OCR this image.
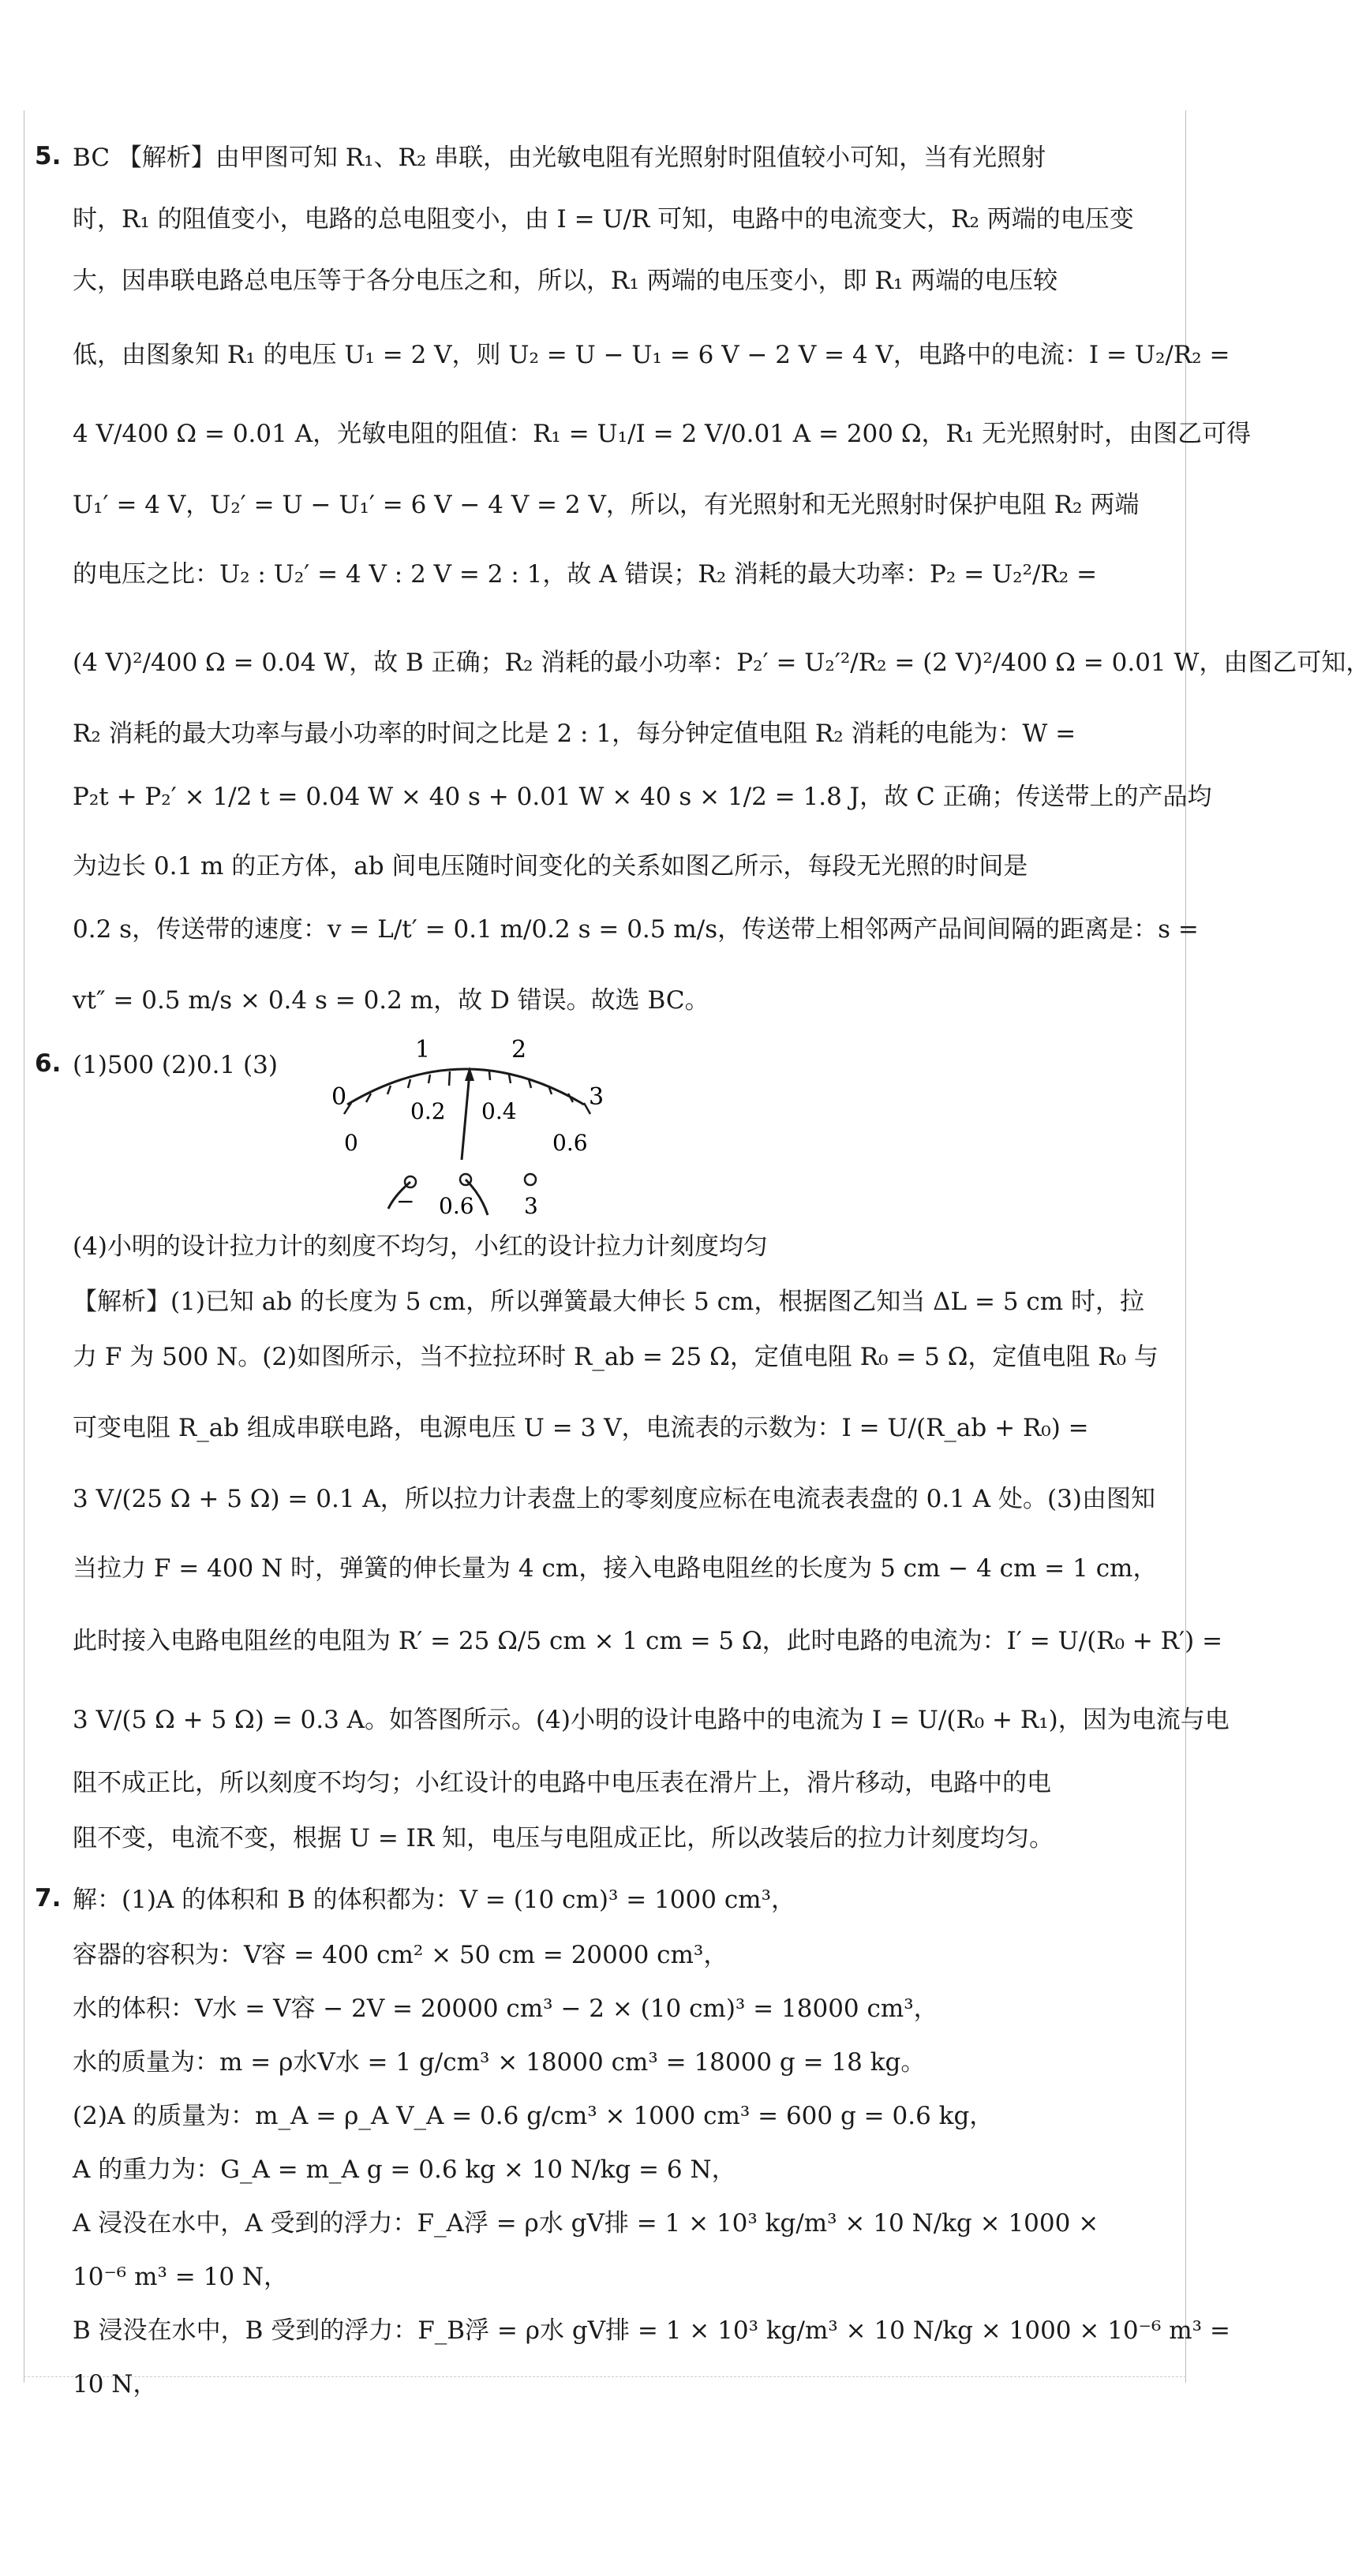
5. BC 【解析】由甲图可知 R₁、R₂ 串联，由光敏电阻有光照射时阻值较小可知，当有光照射
时，R₁ 的阻值变小，电路的总电阻变小，由 I = U/R 可知，电路中的电流变大，R₂ 两端的电压变
大，因串联电路总电压等于各分电压之和，所以，R₁ 两端的电压变小，即 R₁ 两端的电压较
低，由图象知 R₁ 的电压 U₁ = 2 V，则 U₂ = U − U₁ = 6 V − 2 V = 4 V，电路中的电流：I = U₂/R₂ =
4 V/400 Ω = 0.01 A，光敏电阻的阻值：R₁ = U₁/I = 2 V/0.01 A = 200 Ω，R₁ 无光照射时，由图乙可得
U₁′ = 4 V，U₂′ = U − U₁′ = 6 V − 4 V = 2 V，所以，有光照射和无光照射时保护电阻 R₂ 两端
的电压之比：U₂ : U₂′ = 4 V : 2 V = 2 : 1，故 A 错误；R₂ 消耗的最大功率：P₂ = U₂²/R₂ =
(4 V)²/400 Ω = 0.04 W，故 B 正确；R₂ 消耗的最小功率：P₂′ = U₂′²/R₂ = (2 V)²/400 Ω = 0.01 W，由图乙可知，
R₂ 消耗的最大功率与最小功率的时间之比是 2 : 1，每分钟定值电阻 R₂ 消耗的电能为：W =
P₂t + P₂′ × 1/2 t = 0.04 W × 40 s + 0.01 W × 40 s × 1/2 = 1.8 J，故 C 正确；传送带上的产品均
为边长 0.1 m 的正方体，ab 间电压随时间变化的关系如图乙所示，每段无光照的时间是
0.2 s，传送带的速度：v = L/t′ = 0.1 m/0.2 s = 0.5 m/s，传送带上相邻两产品间间隔的距离是：s =
vt″ = 0.5 m/s × 0.4 s = 0.2 m，故 D 错误。故选 BC。
6. (1)500 (2)0.1 (3)
0
1	2
3
0
0.2 0.4
0.6
− 0.6 3
(4)小明的设计拉力计的刻度不均匀，小红的设计拉力计刻度均匀
【解析】(1)已知 ab 的长度为 5 cm，所以弹簧最大伸长 5 cm，根据图乙知当 ΔL = 5 cm 时，拉
力 F 为 500 N。(2)如图所示，当不拉拉环时 R_ab = 25 Ω，定值电阻 R₀ = 5 Ω，定值电阻 R₀ 与
可变电阻 R_ab 组成串联电路，电源电压 U = 3 V，电流表的示数为：I = U/(R_ab + R₀) =
3 V/(25 Ω + 5 Ω) = 0.1 A，所以拉力计表盘上的零刻度应标在电流表表盘的 0.1 A 处。(3)由图知
当拉力 F = 400 N 时，弹簧的伸长量为 4 cm，接入电路电阻丝的长度为 5 cm − 4 cm = 1 cm，
此时接入电路电阻丝的电阻为 R′ = 25 Ω/5 cm × 1 cm = 5 Ω，此时电路的电流为：I′ = U/(R₀ + R′) =
3 V/(5 Ω + 5 Ω) = 0.3 A。如答图所示。(4)小明的设计电路中的电流为 I = U/(R₀ + R₁)，因为电流与电
阻不成正比，所以刻度不均匀；小红设计的电路中电压表在滑片上，滑片移动，电路中的电
阻不变，电流不变，根据 U = IR 知，电压与电阻成正比，所以改装后的拉力计刻度均匀。
7. 解：(1)A 的体积和 B 的体积都为：V = (10 cm)³ = 1000 cm³，
容器的容积为：V容 = 400 cm² × 50 cm = 20000 cm³，
水的体积：V水 = V容 − 2V = 20000 cm³ − 2 × (10 cm)³ = 18000 cm³，
水的质量为：m = ρ水V水 = 1 g/cm³ × 18000 cm³ = 18000 g = 18 kg。
(2)A 的质量为：m_A = ρ_A V_A = 0.6 g/cm³ × 1000 cm³ = 600 g = 0.6 kg，
A 的重力为：G_A = m_A g = 0.6 kg × 10 N/kg = 6 N，
A 浸没在水中，A 受到的浮力：F_A浮 = ρ水 gV排 = 1 × 10³ kg/m³ × 10 N/kg × 1000 ×
10⁻⁶ m³ = 10 N，
B 浸没在水中，B 受到的浮力：F_B浮 = ρ水 gV排 = 1 × 10³ kg/m³ × 10 N/kg × 1000 × 10⁻⁶ m³ =
10 N，
